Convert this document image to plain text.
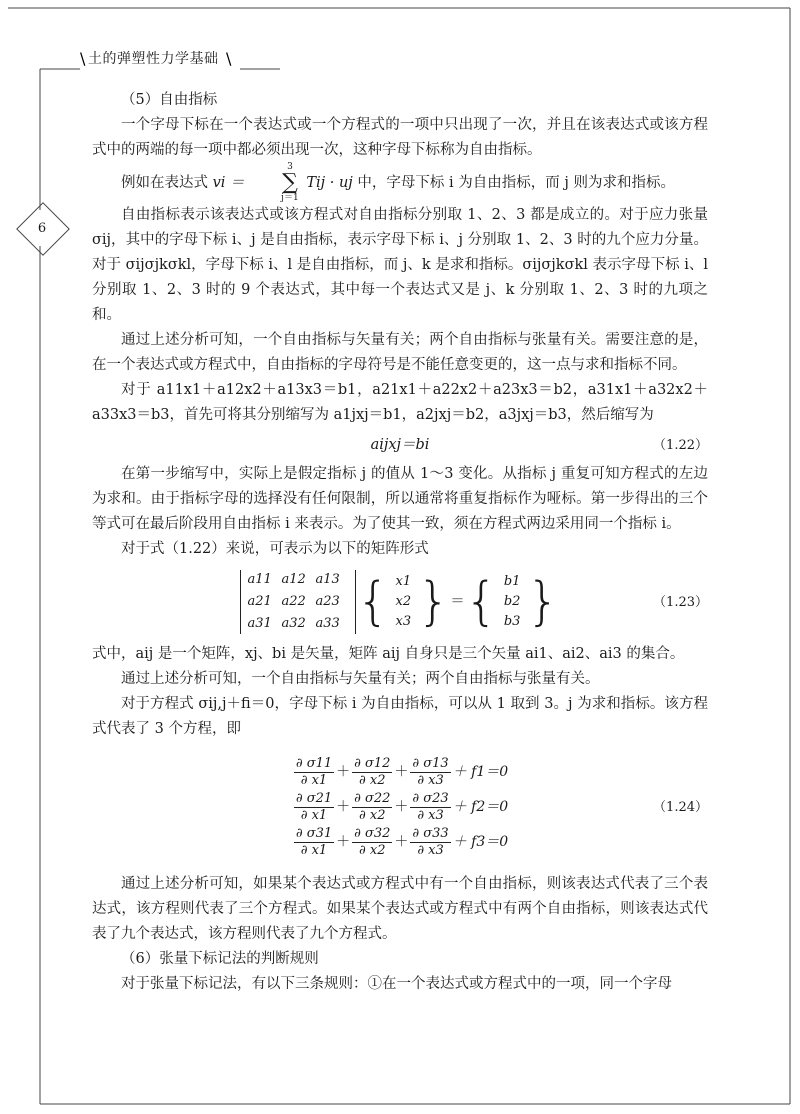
\	\
土的弹塑性力学基础
6

（5）自由指标

一个字母下标在一个表达式或一个方程式的一项中只出现了一次，并且在该表达式或该方程式中的两端的每一项中都必须出现一次，这种字母下标称为自由指标。

例如在表达式 vi ＝
3
∑
j＝1
Tij · uj 中，字母下标 i 为自由指标，而 j 则为求和指标。

自由指标表示该表达式或该方程式对自由指标分别取 1、2、3 都是成立的。对于应力张量 σij，其中的字母下标 i、j 是自由指标，表示字母下标 i、j 分别取 1、2、3 时的九个应力分量。对于 σijσjkσkl，字母下标 i、l 是自由指标，而 j、k 是求和指标。σijσjkσkl 表示字母下标 i、l 分别取 1、2、3 时的 9 个表达式，其中每一个表达式又是 j、k 分别取 1、2、3 时的九项之和。

通过上述分析可知，一个自由指标与矢量有关；两个自由指标与张量有关。需要注意的是，在一个表达式或方程式中，自由指标的字母符号是不能任意变更的，这一点与求和指标不同。

对于 a11x1＋a12x2＋a13x3＝b1，a21x1＋a22x2＋a23x3＝b2，a31x1＋a32x2＋a33x3＝b3，首先可将其分别缩写为 a1jxj＝b1，a2jxj＝b2，a3jxj＝b3，然后缩写为

aijxj＝bi	（1.22）

在第一步缩写中，实际上是假定指标 j 的值从 1～3 变化。从指标 j 重复可知方程式的左边为求和。由于指标字母的选择没有任何限制，所以通常将重复指标作为哑标。第一步得出的三个等式可在最后阶段用自由指标 i 来表示。为了使其一致，须在方程式两边采用同一个指标 i。

对于式（1.22）来说，可表示为以下的矩阵形式

a11 a12 a13
a21 a22 a23
a31 a32 a33 { x1
x2
x3 } ＝ { b1
b2
b3 }	（1.23）

式中，aij 是一个矩阵，xj、bi 是矢量，矩阵 aij 自身只是三个矢量 ai1、ai2、ai3 的集合。

通过上述分析可知，一个自由指标与矢量有关；两个自由指标与张量有关。

对于方程式 σij,j＋fi＝0，字母下标 i 为自由指标，可以从 1 取到 3。j 为求和指标。该方程式代表了 3 个方程，即

$\frac{\partial \sigma 11}{\partial x1} + \frac{\partial \sigma 12}{\partial x2} + \frac{\partial \sigma 13}{\partial x3} + f1=0$
$\frac{\partial \sigma 21}{\partial x1} + \frac{\partial \sigma 22}{\partial x2} + \frac{\partial \sigma 23}{\partial x3} + f2=0$
$\frac{\partial \sigma 31}{\partial x1} + \frac{\partial \sigma 32}{\partial x2} + \frac{\partial \sigma 33}{\partial x3} + f3=0$
（1.24）

通过上述分析可知，如果某个表达式或方程式中有一个自由指标，则该表达式代表了三个表达式，该方程则代表了三个方程式。如果某个表达式或方程式中有两个自由指标，则该表达式代表了九个表达式，该方程则代表了九个方程式。

（6）张量下标记法的判断规则

对于张量下标记法，有以下三条规则：①在一个表达式或方程式中的一项，同一个字母
